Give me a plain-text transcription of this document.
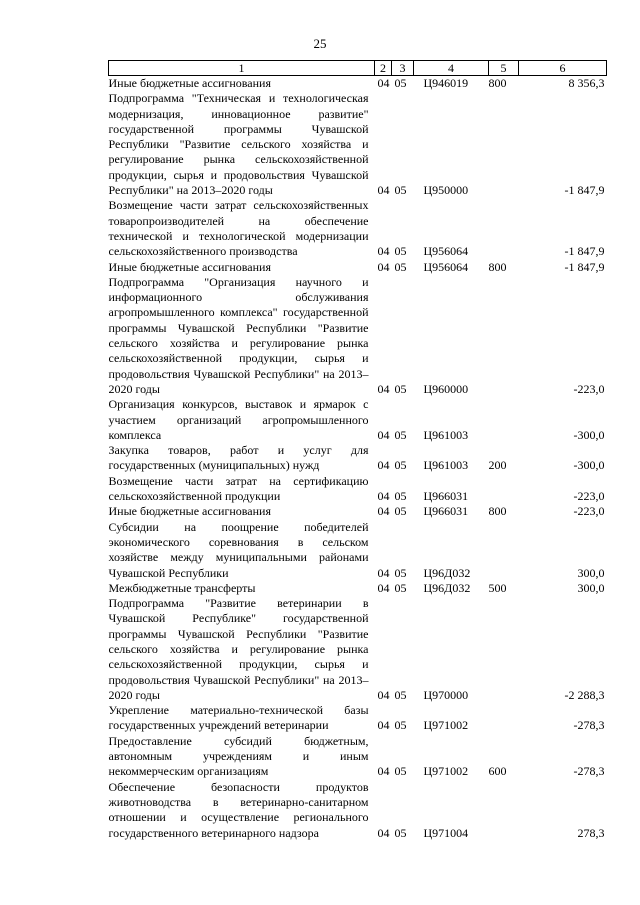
25
1	2	3	4	5	6
Иные бюджетные ассигнования	04	05	Ц946019	800	8 356,3
Подпрограмма "Техническая и технологическая модернизация, инновационное развитие" государственной программы Чувашской Республики "Развитие сельского хозяйства и регулирование рынка сельскохозяйственной продукции, сырья и продовольствия Чувашской Республики" на 2013–2020 годы	04	05	Ц950000		-1 847,9
Возмещение части затрат сельскохозяйственных товаропроизводителей на обеспечение технической и технологической модернизации сельскохозяйственного производства	04	05	Ц956064		-1 847,9
Иные бюджетные ассигнования	04	05	Ц956064	800	-1 847,9
Подпрограмма "Организация научного и информационного обслуживания агропромышленного комплекса" государственной программы Чувашской Республики "Развитие сельского хозяйства и регулирование рынка сельскохозяйственной продукции, сырья и продовольствия Чувашской Республики" на 2013–2020 годы	04	05	Ц960000		-223,0
Организация конкурсов, выставок и ярмарок с участием организаций агропромышленного комплекса	04	05	Ц961003		-300,0
Закупка товаров, работ и услуг для государственных (муниципальных) нужд	04	05	Ц961003	200	-300,0
Возмещение части затрат на сертификацию сельскохозяйственной продукции	04	05	Ц966031		-223,0
Иные бюджетные ассигнования	04	05	Ц966031	800	-223,0
Субсидии на поощрение победителей экономического соревнования в сельском хозяйстве между муниципальными районами Чувашской Республики	04	05	Ц96Д032		300,0
Межбюджетные трансферты	04	05	Ц96Д032	500	300,0
Подпрограмма "Развитие ветеринарии в Чувашской Республике" государственной программы Чувашской Республики "Развитие сельского хозяйства и регулирование рынка сельскохозяйственной продукции, сырья и продовольствия Чувашской Республики" на 2013–2020 годы	04	05	Ц970000		-2 288,3
Укрепление материально-технической базы государственных учреждений ветеринарии	04	05	Ц971002		-278,3
Предоставление субсидий бюджетным, автономным учреждениям и иным некоммерческим организациям	04	05	Ц971002	600	-278,3
Обеспечение безопасности продуктов животноводства в ветеринарно-санитарном отношении и осуществление регионального государственного ветеринарного надзора	04	05	Ц971004		278,3
